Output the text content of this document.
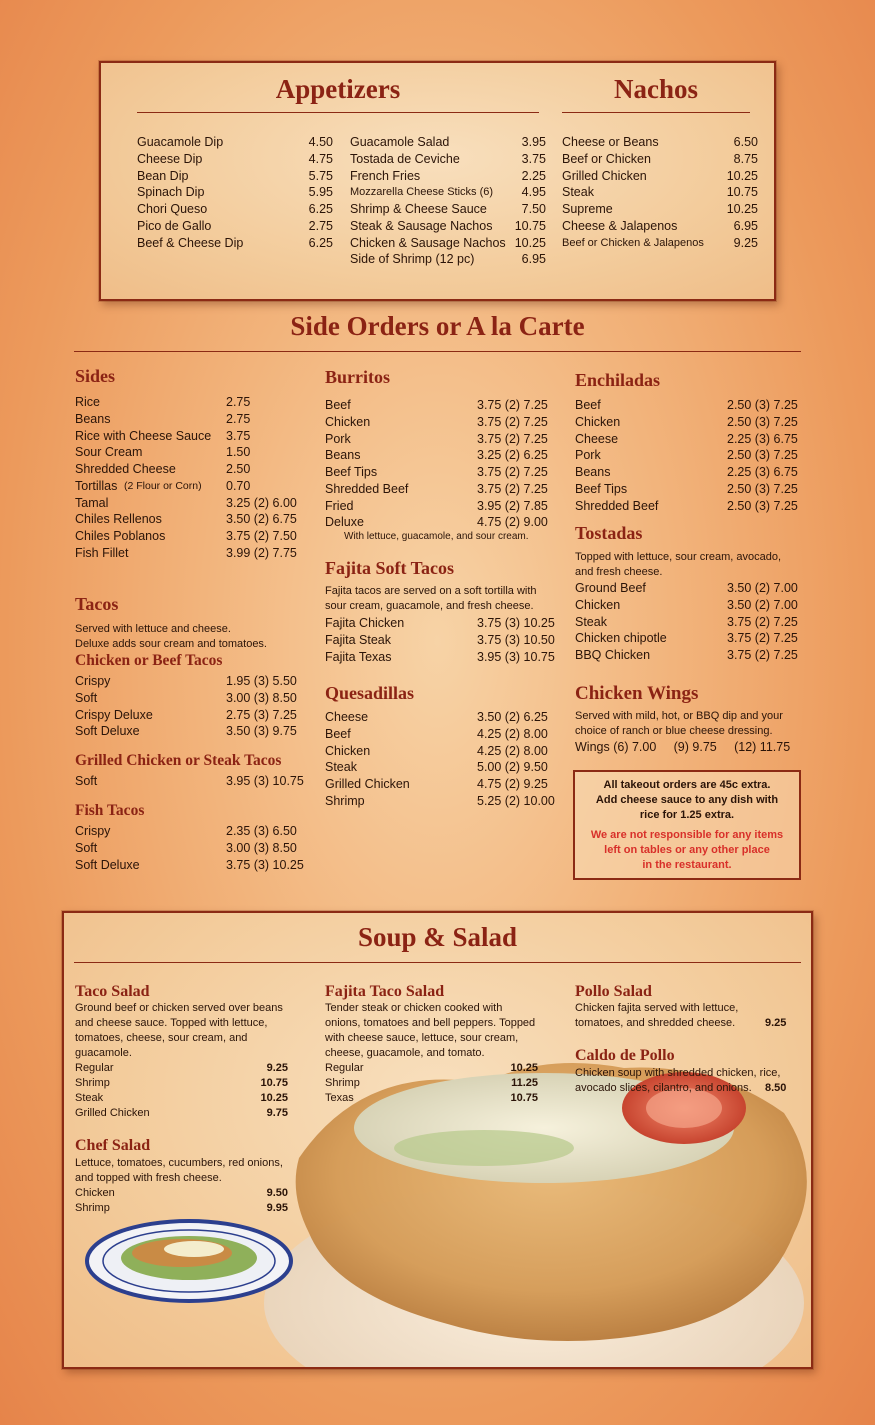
Appetizers	Nachos
Guacamole Dip	4.50
Cheese Dip	4.75
Bean Dip	5.75
Spinach Dip	5.95
Chori Queso	6.25
Pico de Gallo	2.75
Beef & Cheese Dip	6.25
Guacamole Salad	3.95
Tostada de Ceviche	3.75
French Fries	2.25
Mozzarella Cheese Sticks (6) 4.95
Shrimp & Cheese Sauce	7.50
Steak & Sausage Nachos 10.75
Chicken & Sausage Nachos 10.25
Side of Shrimp (12 pc)	6.95
Cheese or Beans	6.50
Beef or Chicken	8.75
Grilled Chicken	10.25
Steak	10.75
Supreme	10.25
Cheese & Jalapenos	6.95
Beef or Chicken & Jalapenos 9.25
Side Orders or A la Carte
Sides
Rice	2.75
Beans	2.75
Rice with Cheese Sauce 3.75
Sour Cream	1.50
Shredded Cheese	2.50
Tortillas (2 Flour or Corn) 0.70
Tamal	3.25 (2) 6.00
Chiles Rellenos	3.50 (2) 6.75
Chiles Poblanos	3.75 (2) 7.50
Fish Fillet	3.99 (2) 7.75
Tacos
Served with lettuce and cheese.
Deluxe adds sour cream and tomatoes.
Chicken or Beef Tacos
Crispy	1.95 (3) 5.50
Soft	3.00 (3) 8.50
Crispy Deluxe	2.75 (3) 7.25
Soft Deluxe	3.50 (3) 9.75
Grilled Chicken or Steak Tacos
Soft	3.95 (3) 10.75
Fish Tacos
Crispy	2.35 (3) 6.50
Soft	3.00 (3) 8.50
Soft Deluxe	3.75 (3) 10.25
Burritos
Beef	3.75 (2) 7.25
Chicken	3.75 (2) 7.25
Pork	3.75 (2) 7.25
Beans	3.25 (2) 6.25
Beef Tips	3.75 (2) 7.25
Shredded Beef	3.75 (2) 7.25
Fried	3.95 (2) 7.85
Deluxe	4.75 (2) 9.00
With lettuce, guacamole, and sour cream.
Fajita Soft Tacos
Fajita tacos are served on a soft tortilla with
sour cream, guacamole, and fresh cheese.
Fajita Chicken	3.75 (3) 10.25
Fajita Steak	3.75 (3) 10.50
Fajita Texas	3.95 (3) 10.75
Quesadillas
Cheese	3.50 (2) 6.25
Beef	4.25 (2) 8.00
Chicken	4.25 (2) 8.00
Steak	5.00 (2) 9.50
Grilled Chicken	4.75 (2) 9.25
Shrimp	5.25 (2) 10.00
Enchiladas
Beef	2.50 (3) 7.25
Chicken	2.50 (3) 7.25
Cheese	2.25 (3) 6.75
Pork	2.50 (3) 7.25
Beans	2.25 (3) 6.75
Beef Tips	2.50 (3) 7.25
Shredded Beef	2.50 (3) 7.25
Tostadas
Topped with lettuce, sour cream, avocado,
and fresh cheese.
Ground Beef	3.50 (2) 7.00
Chicken	3.50 (2) 7.00
Steak	3.75 (2) 7.25
Chicken chipotle	3.75 (2) 7.25
BBQ Chicken	3.75 (2) 7.25
Chicken Wings
Served with mild, hot, or BBQ dip and your
choice of ranch or blue cheese dressing.
Wings (6) 7.00     (9) 9.75     (12) 11.75
All takeout orders are 45c extra.
Add cheese sauce to any dish with
rice for 1.25 extra.
We are not responsible for any items
left on tables or any other place
in the restaurant.
Soup & Salad
Taco Salad
Ground beef or chicken served over beans
and cheese sauce. Topped with lettuce,
tomatoes, cheese, sour cream, and
guacamole.
Regular	9.25
Shrimp	10.75
Steak	10.25
Grilled Chicken	9.75
Chef Salad
Lettuce, tomatoes, cucumbers, red onions,
and topped with fresh cheese.
Chicken	9.50
Shrimp	9.95
Fajita Taco Salad
Tender steak or chicken cooked with
onions, tomatoes and bell peppers. Topped
with cheese sauce, lettuce, sour cream,
cheese, guacamole, and tomato.
Regular	10.25
Shrimp	11.25
Texas	10.75
Pollo Salad
Chicken fajita served with lettuce,
tomatoes, and shredded cheese.	9.25
Caldo de Pollo
Chicken soup with shredded chicken, rice,
avocado slices, cilantro, and onions. 8.50
